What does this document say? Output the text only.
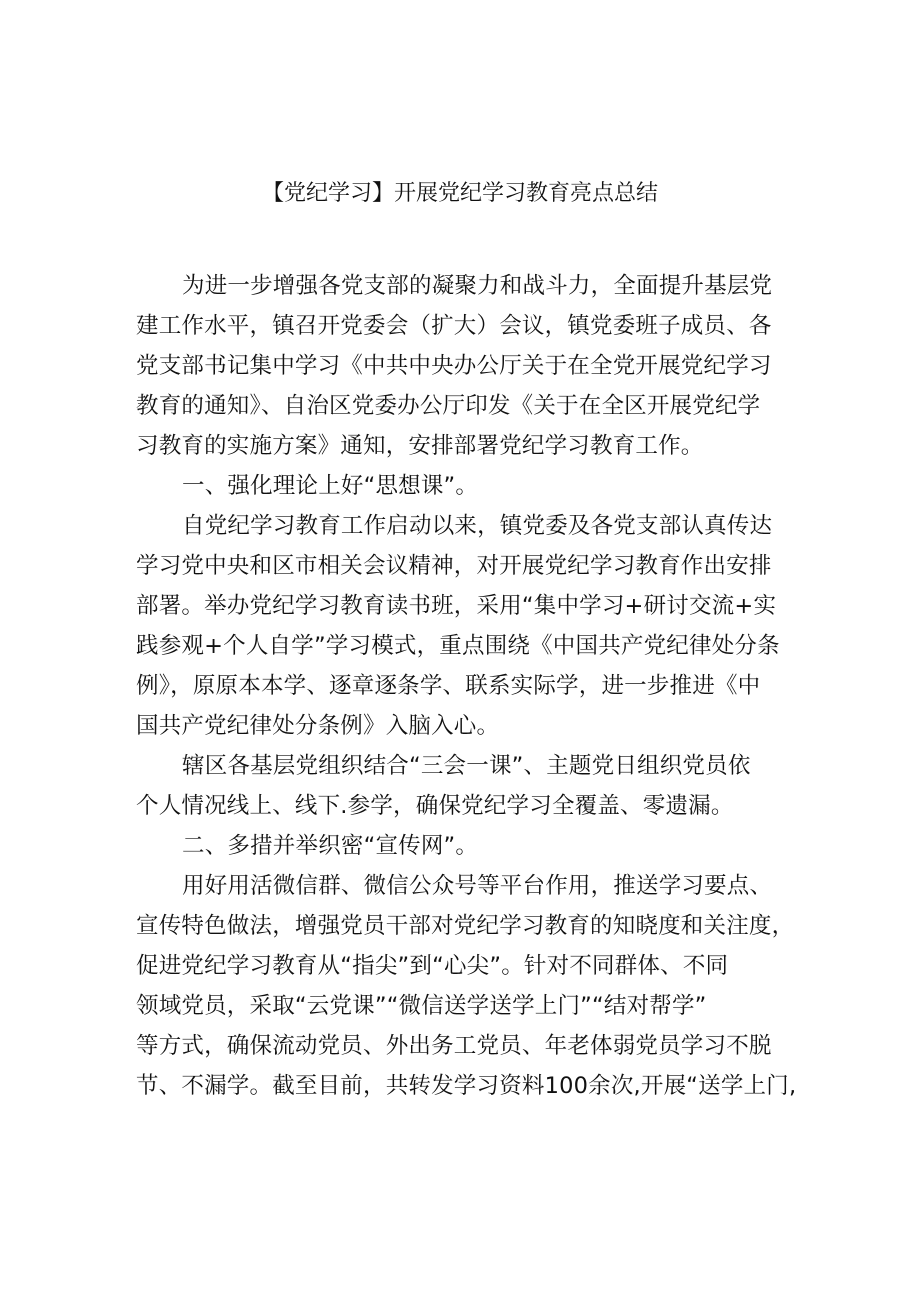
【党纪学习】开展党纪学习教育亮点总结
为进一步增强各党支部的凝聚力和战斗力，全面提升基层党
建工作水平，镇召开党委会（扩大）会议，镇党委班子成员、各
党支部书记集中学习《中共中央办公厅关于在全党开展党纪学习
教育的通知》、自治区党委办公厅印发《关于在全区开展党纪学
习教育的实施方案》通知，安排部署党纪学习教育工作。
一、强化理论上好“思想课”。
自党纪学习教育工作启动以来，镇党委及各党支部认真传达
学习党中央和区市相关会议精神，对开展党纪学习教育作出安排
部署。举办党纪学习教育读书班，采用“集中学习+研讨交流+实
践参观+个人自学”学习模式，重点围绕《中国共产党纪律处分条
例》，原原本本学、逐章逐条学、联系实际学，进一步推进《中
国共产党纪律处分条例》入脑入心。
辖区各基层党组织结合“三会一课”、主题党日组织党员依
个人情况线上、线下.参学，确保党纪学习全覆盖、零遗漏。
二、多措并举织密“宣传网”。
用好用活微信群、微信公众号等平台作用，推送学习要点、
宣传特色做法，增强党员干部对党纪学习教育的知晓度和关注度，
促进党纪学习教育从“指尖”到“心尖”。针对不同群体、不同
领域党员，采取“云党课”“微信送学送学上门”“结对帮学”
等方式，确保流动党员、外出务工党员、年老体弱党员学习不脱
节、不漏学。截至目前，共转发学习资料100余次,开展“送学上门,
